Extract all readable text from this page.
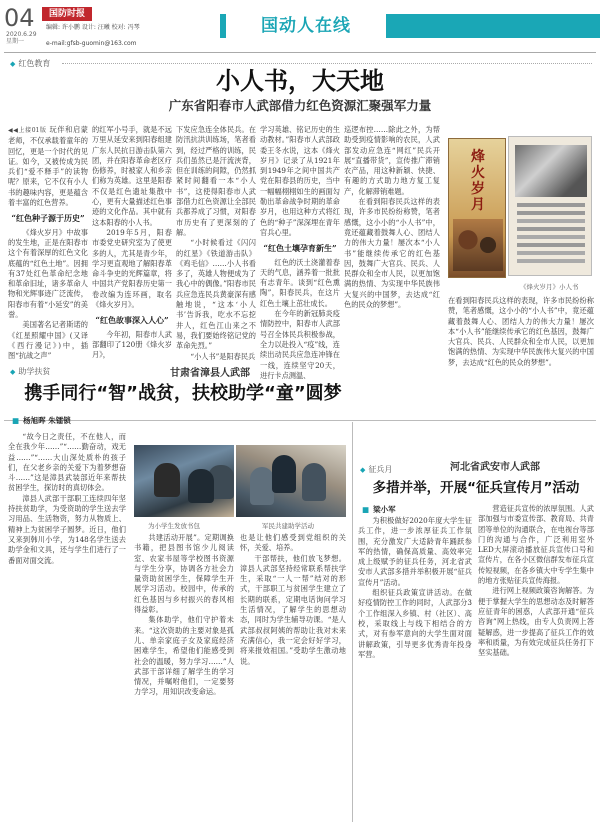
04	国防时报
编辑: 许小鹏 设计: 汪曦 校对: 冯琴
2020.6.29
星期一	e-mail:gfsb-guomin@163.com
国动人在线
◆ 红色教育
小人书，大天地
广东省阳春市人武部借力红色资源汇聚强军力量

◀◀上接01版 玩伴和启蒙老师，不仅承载着童年的回忆，更是一个时代的见证。如今，又被传成为民兵们“爱不释手”的读物呢？原来，它不仅有小人书的趣味内容，更是蕴含着丰富的红色营养。

“红色种子源于历史”

《烽火岁月》中故事的发生地，正是在阳春市这个有着深厚的红色文化底蕴的“红色土地”。因拥有37处红色革命纪念地和革命旧址，诸多革命人物和光辉事迹广泛流传，阳春市有着“小延安”的美誉。

美国著名记者斯诺的《红星照耀中国》(又译《西行漫记》)中，插图“抗战之声”

的红军小号手，就是不远万里从延安来到阳春组建广东人民抗日游击队第六团，并在阳春革命老区疗伤修养，时被家人和乡亲们称为英雄。这里是阳春不仅是红色遗址集散中心，更有大量描述红色事迹的文化作品。其中就有这本阳春的小人书。

2019年5月，阳春市委党史研究室为了使更多的人，尤其是青少年，学习更直观地了解阳春革命斗争史的光辉篇章，将中国共产党阳春历史第一卷改编为连环画，取名《烽火岁月》。

“红色故事深入人心”

今年初，阳春市人武部翻印了120册《烽火岁月》，

下发应急连全体民兵。在防汛抗洪训练场，笔者看到，经过严格的训练，民兵们虽然已是汗流浃背，但在训练的间隙，仍然抓紧时间翻看一本“小人书”，这使得阳春市人武部借力红色资源让全部民兵都养成了习惯，对阳春市历史有了更深刻的了解。

“小时候看过《闪闪的红星》《铁道游击队》《鸡毛信》……小人书看多了，英雄人物便成为了我心中的偶像。”阳春市民兵应急连民兵黄豪深有感触地说，“这本‘小人书’告诉我，吃水不忘挖井人，红色江山来之不易，我们要始终铭记党的革命先烈。”

“小人书”是阳春民兵

学习英雄、铭记历史的生动教材。”阳春市人武部政委王冬水说，这本《烽火岁月》记录了从1921年到1949年之间中国共产党在阳春县的历史，当中一幅幅栩栩如生的画面勾勒出革命战争时期的革命岁月，也用这种方式将红色的“种子”深深埋在青年官兵心里。

“红色土壤孕育新生”

红色的沃土浇灌着春天的气息，涵养着一批批有志青年。谈到“红色熏陶”，阳春民兵，在这片红色土壤上茁壮成长。

在今年的新冠肺炎疫情防控中，阳春市人武部号召全体民兵积极参战，全力以赴投入“疫”线，连续出动民兵应急连冲锋在一线，连续坚守20天，进行卡点测温、

巡逻布控……除此之外，为帮助受到疫情影响的农民，人武部发动应急连“网红”民兵开展“直播带货”，宣传推广滞销农产品，用这种新颖、快捷、有趣的方式助力地方复工复产，化解滞销难题。

在看到阳春民兵这样的表现，许多市民纷纷称赞，笔者感慨，这小小的“小人书”中，竟还蕴藏着鼓舞人心、团结人力的伟大力量！屡次本“小人书”能继续传承它的红色基因，鼓舞广大官兵、民兵、人民群众和全市人民，以更加饱满的热情、为实现中华民族伟大复兴的中国梦，去达成“红色的民众的梦想”。

烽火岁月
《烽火岁月》小人书

在看到阳春民兵这样的表现，许多市民纷纷称赞，笔者感慨，这小小的“小人书”中，竟还蕴藏着鼓舞人心、团结人力的伟大力量！屡次本“小人书”能继续传承它的红色基因，鼓舞广大官兵、民兵、人民群众和全市人民，以更加饱满的热情、为实现中华民族伟大复兴的中国梦，去达成“红色的民众的梦想”。

◆ 助学扶贫	甘肃省漳县人武部
携手同行“智”战贫，扶校助学“童”圆梦
■ 杨旭晖 朱镭锁

“故今日之责任，不在他人，而全在我少年……”“……勤奋动，戏无益……”“……大山深处质朴的孩子们，在父老乡亲的关爱下为着梦想奋斗……”这是漳县武装部近年来帮扶贫困学生，探访时的真切体会。

漳县人武部干部职工连续四年坚持扶贫助学，为受资助的学生送去学习用品、生活物资，努力从物质上、精神上为贫困学子圆梦。近日，他们又来到韩川小学，为148名学生送去助学金和文具，还与学生们进行了一番面对面交流。

为小学生发放书包	军民共建助学活动

共建活动开展”。定期调换书籍，把县图书馆少儿阅读室、农家书屋等学校图书资源与学生分享，协调各方社会力量资助贫困学生，保障学生开展学习活动。校园中，传承的红色基因与乡村振兴的春风相得益彰。

集体助学，他们守护着未来。“这次资助的主要对象是孤儿、单亲家庭子女及家庭经济困难学生，希望他们能感受到社会的温暖，努力学习……”人武部干部详细了解学生的学习情况，并嘱咐他们，一定要努力学习，用知识改变命运。

也是让他们感受到党组织的关怀，关爱、培养。

干部帮扶，他们放飞梦想。漳县人武部坚持经常联系帮扶学生，采取“一人一帮”结对的形式，干部职工与贫困学生建立了长期的联系，定期电话询问学习生活情况，了解学生的思想动态，同时为学生辅导功课。“是人武部叔叔阿姨的帮助让我对未来充满信心，我一定会好好学习，将来报效祖国。”受助学生激动地说。

◆ 征兵月	河北省武安市人武部
多措并举，开展“征兵宣传月”活动
■ 梁小军

为积极做好2020年度大学生征兵工作，进一步浓厚征兵工作氛围，充分激发广大适龄青年踊跃参军的热情，确保高质量、高效率完成上级赋予的征兵任务，河北省武安市人武部多措并举积极开展“征兵宣传月”活动。

组织征兵政策宣讲活动。在做好疫情防控工作的同时，人武部分3个工作组深入乡镇、村（社区）、高校，采取线上与线下相结合的方式，对有参军意向的大学生面对面讲解政策，引导更多优秀青年投身军营。

营造征兵宣传的浓厚氛围。人武部加强与市委宣传部、教育局、共青团等单位的沟通联合，在电视台等部门的沟通与合作，广泛利用室外LED大屏滚动播放征兵宣传口号和宣传片，在各小区微信群发布征兵宣传短视频，在各乡镇大中专学生集中的地方张贴征兵宣传海报。

进行网上视频政策咨询解答。为便于掌握大学生的思想动态及时解答应征青年的困惑，人武部开通“征兵咨询”网上热线，由专人负责网上答疑解惑，进一步提高了征兵工作的效率和质量，为有效完成征兵任务打下坚实基础。
